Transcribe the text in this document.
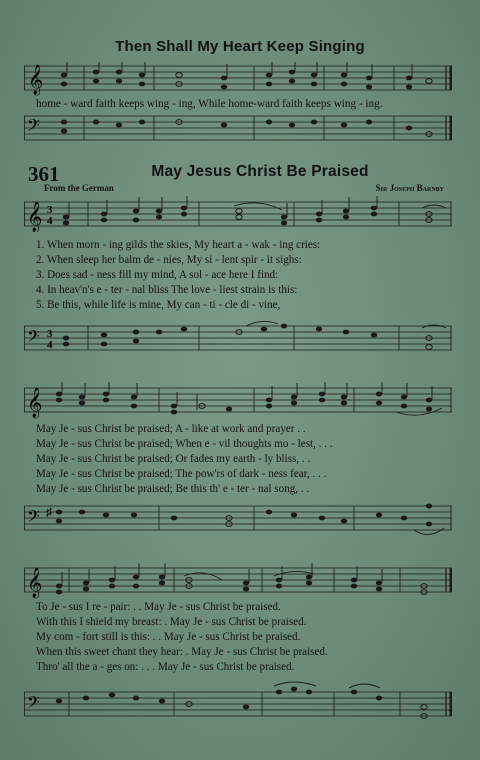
Then Shall My Heart Keep Singing
𝄞
home - ward faith keeps wing - ing, While home-ward faith keeps wing - ing.
𝄢
361	May Jesus Christ Be Praised
From the German	Sir Joseph Barnby
𝄞 3
4
1. When morn - ing gilds the skies, My heart a - wak - ing cries:
2. When sleep her balm de - nies, My si - lent spir - it sighs:
3. Does sad - ness fill my mind, A sol - ace here I find:
4. In heav'n's e - ter - nal bliss The love - liest strain is this:
5. Be this, while life is mine, My can - ti - cle di - vine,
𝄢 3
4
𝄞
May Je - sus Christ be praised; A - like at work and prayer . .
May Je - sus Christ be praised; When e - vil thoughts mo - lest, . . .
May Je - sus Christ be praised; Or fades my earth - ly bliss, . .
May Je - sus Christ be praised; The pow'rs of dark - ness fear, . . .
May Je - sus Christ be praised; Be this th' e - ter - nal song, . .
𝄢 ♯
𝄞
To Je - sus I re - pair: . . May Je - sus Christ be praised.
With this I shield my breast: . May Je - sus Christ be praised.
My com - fort still is this: . . May Je - sus Christ be praised.
When this sweet chant they hear: . May Je - sus Christ be praised.
Thro' all the a - ges on: . . . May Je - sus Christ be praised.
𝄢
